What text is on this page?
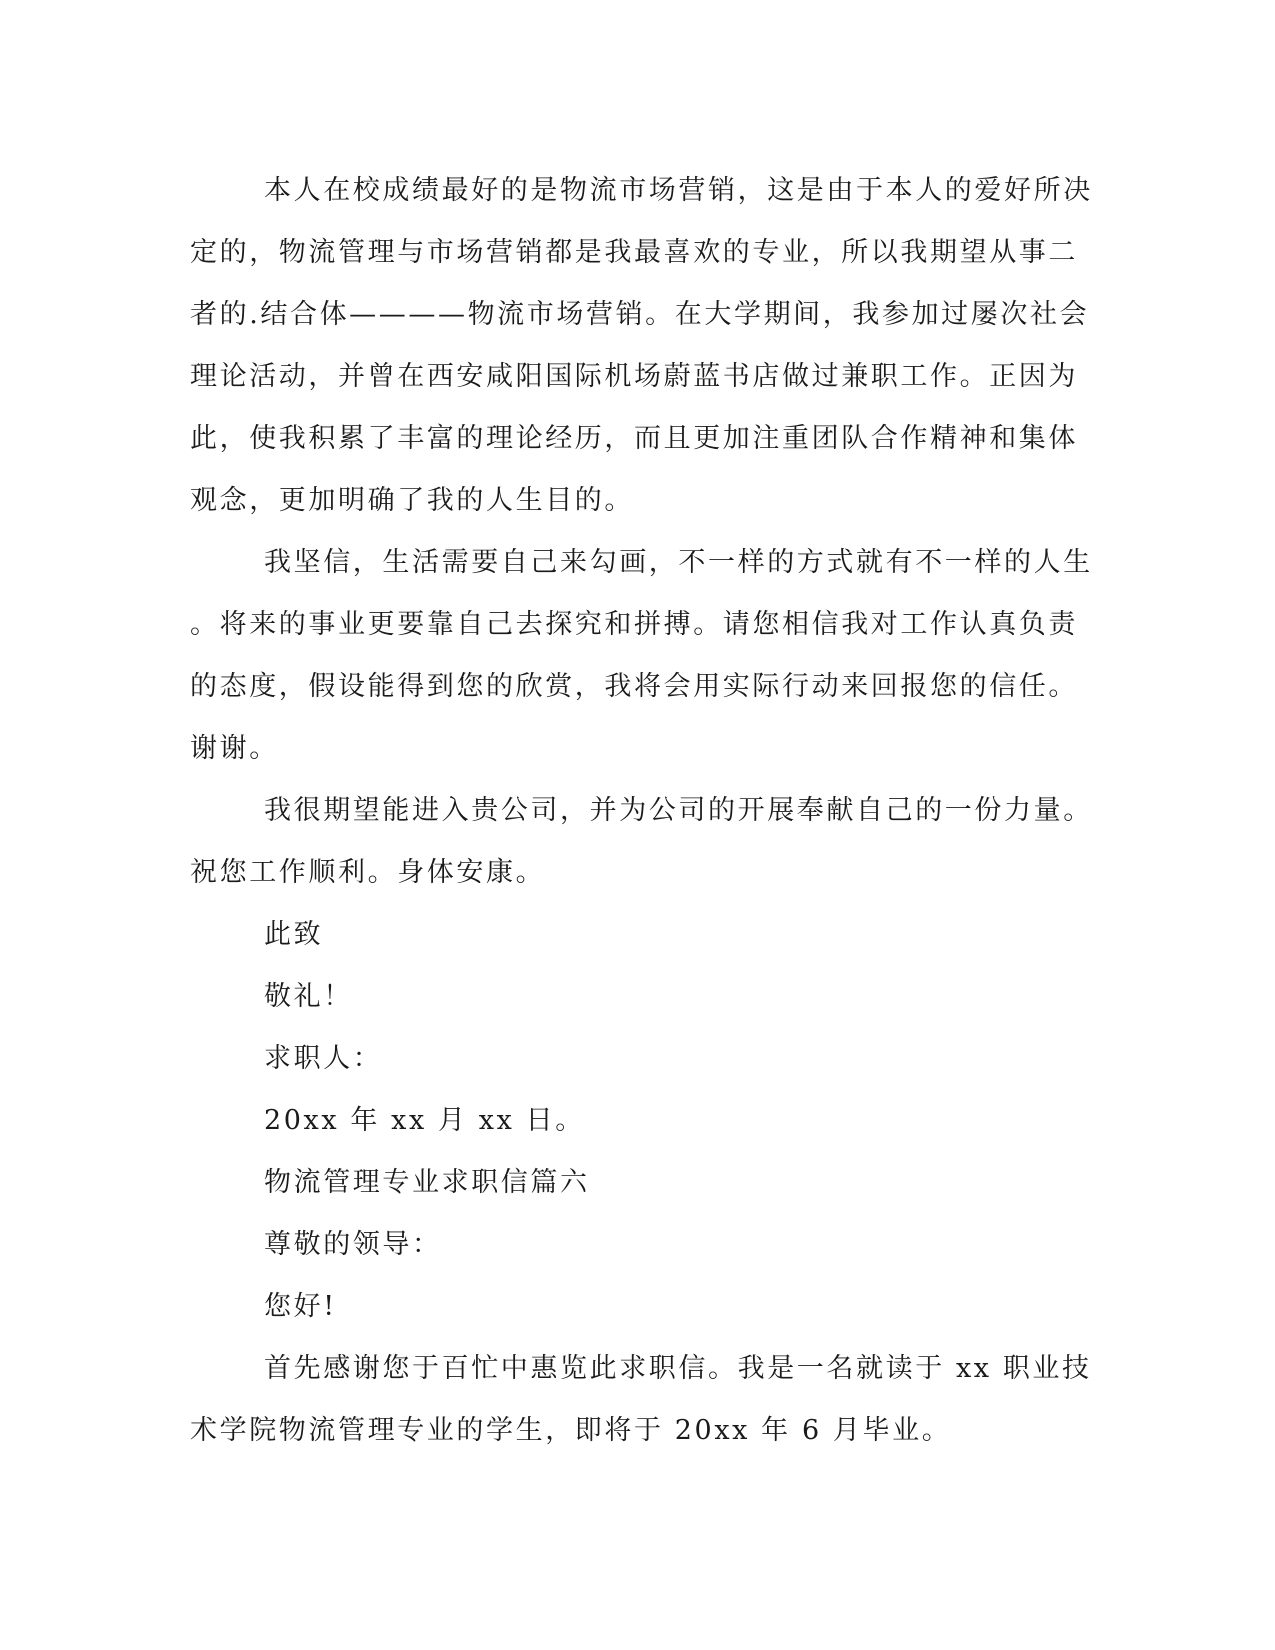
本人在校成绩最好的是物流市场营销，这是由于本人的爱好所决

定的，物流管理与市场营销都是我最喜欢的专业，所以我期望从事二

者的.结合体————物流市场营销。在大学期间，我参加过屡次社会

理论活动，并曾在西安咸阳国际机场蔚蓝书店做过兼职工作。正因为

此，使我积累了丰富的理论经历，而且更加注重团队合作精神和集体

观念，更加明确了我的人生目的。

我坚信，生活需要自己来勾画，不一样的方式就有不一样的人生

。将来的事业更要靠自己去探究和拼搏。请您相信我对工作认真负责

的态度，假设能得到您的欣赏，我将会用实际行动来回报您的信任。

谢谢。

我很期望能进入贵公司，并为公司的开展奉献自己的一份力量。

祝您工作顺利。身体安康。

此致

敬礼！

求职人：

20xx 年 xx 月 xx 日。

物流管理专业求职信篇六

尊敬的领导：

您好!

首先感谢您于百忙中惠览此求职信。我是一名就读于 xx 职业技

术学院物流管理专业的学生，即将于 20xx 年 6 月毕业。
